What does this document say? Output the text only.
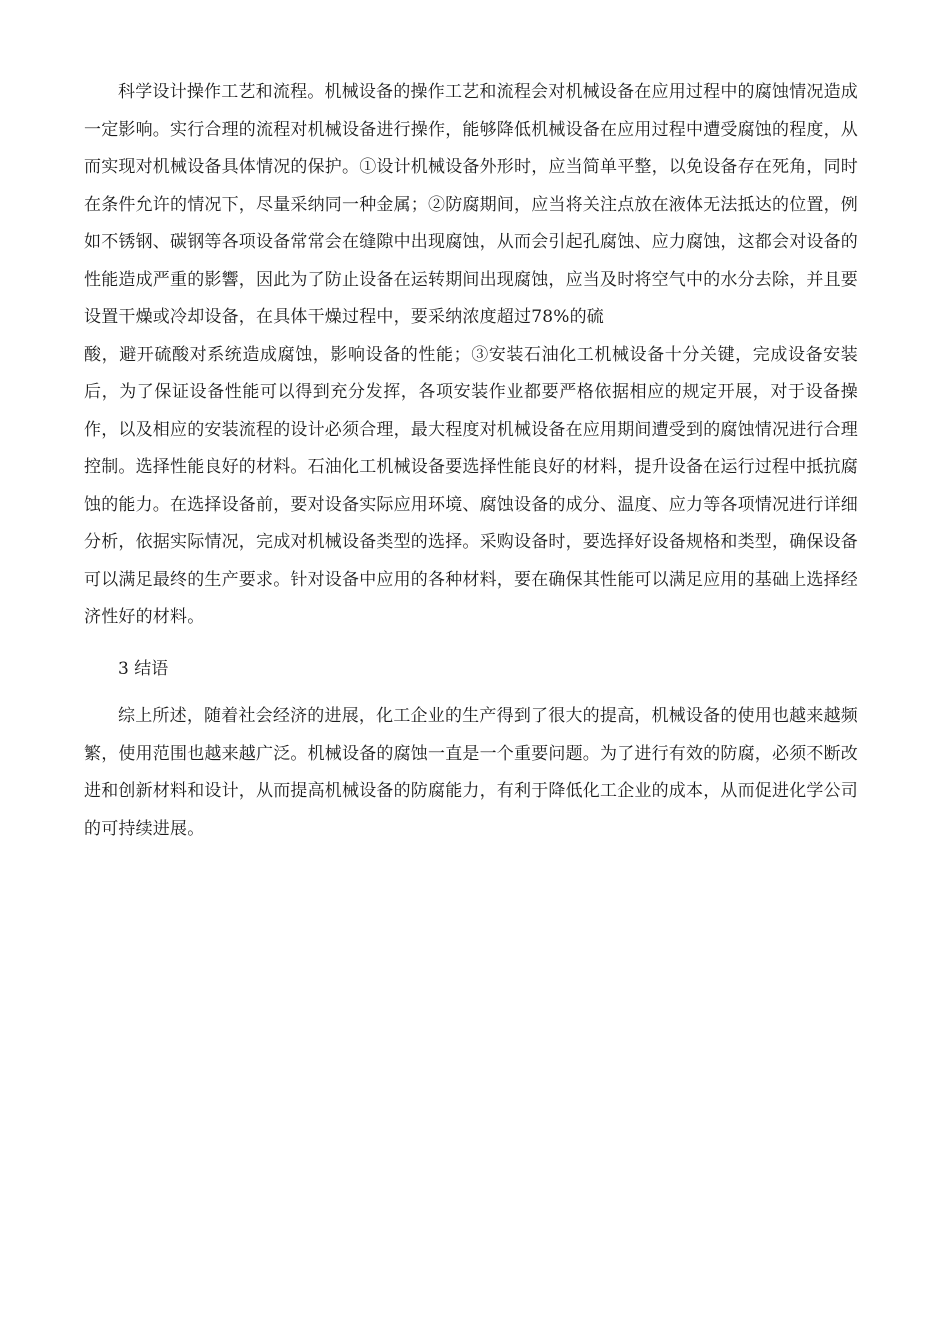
科学设计操作工艺和流程。机械设备的操作工艺和流程会对机械设备在应用过程中的腐蚀情况造成一定影响。实行合理的流程对机械设备进行操作，能够降低机械设备在应用过程中遭受腐蚀的程度，从而实现对机械设备具体情况的保护。①设计机械设备外形时，应当简单平整，以免设备存在死角，同时在条件允许的情况下，尽量采纳同一种金属；②防腐期间，应当将关注点放在液体无法抵达的位置，例如不锈钢、碳钢等各项设备常常会在缝隙中出现腐蚀，从而会引起孔腐蚀、应力腐蚀，这都会对设备的性能造成严重的影響，因此为了防止设备在运转期间出现腐蚀，应当及时将空气中的水分去除，并且要设置干燥或冷却设备，在具体干燥过程中，要采纳浓度超过78%的硫

酸，避开硫酸对系统造成腐蚀，影响设备的性能；③安装石油化工机械设备十分关键，完成设备安装后，为了保证设备性能可以得到充分发挥，各项安装作业都要严格依据相应的规定开展，对于设备操作，以及相应的安装流程的设计必须合理，最大程度对机械设备在应用期间遭受到的腐蚀情况进行合理控制。选择性能良好的材料。石油化工机械设备要选择性能良好的材料，提升设备在运行过程中抵抗腐蚀的能力。在选择设备前，要对设备实际应用环境、腐蚀设备的成分、温度、应力等各项情况进行详细分析，依据实际情况，完成对机械设备类型的选择。采购设备时，要选择好设备规格和类型，确保设备可以满足最终的生产要求。针对设备中应用的各种材料，要在确保其性能可以满足应用的基础上选择经济性好的材料。

3 结语

综上所述，随着社会经济的进展，化工企业的生产得到了很大的提高，机械设备的使用也越来越频繁，使用范围也越来越广泛。机械设备的腐蚀一直是一个重要问题。为了进行有效的防腐，必须不断改进和创新材料和设计，从而提高机械设备的防腐能力，有利于降低化工企业的成本，从而促进化学公司的可持续进展。
